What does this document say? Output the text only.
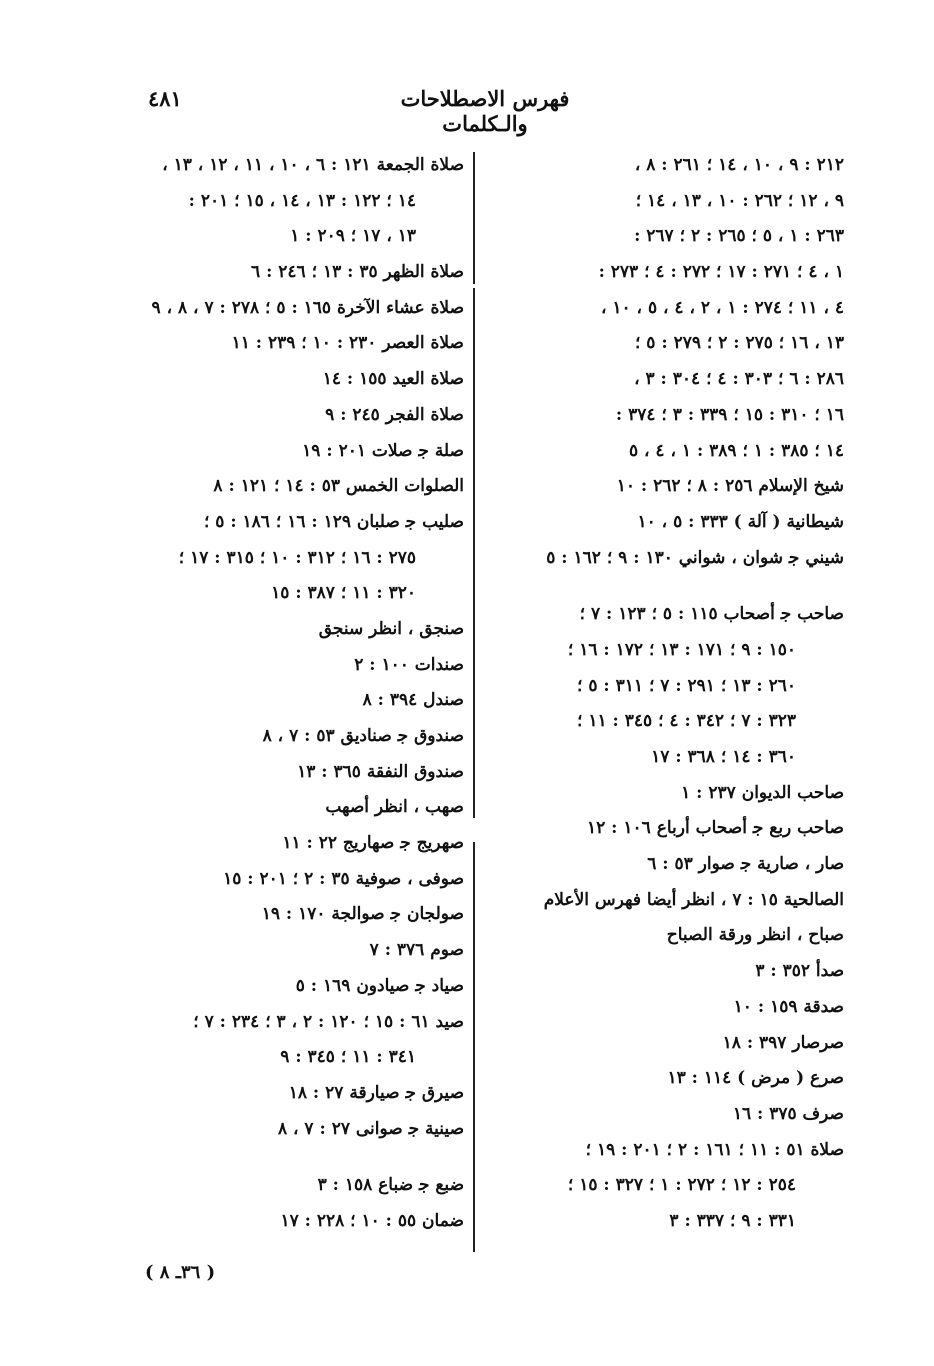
فهرس الاصطلاحات والـكلمات
٤٨١
٢١٢ : ٩ ، ١٠ ، ١٤ ؛ ٢٦١ : ٨ ،
٩ ، ١٢ ؛ ٢٦٢ : ١٠ ، ١٣ ، ١٤ ؛
٢٦٣ : ١ ، ٥ ؛ ٢٦٥ : ٢ ؛ ٢٦٧ :
١ ، ٤ ؛ ٢٧١ : ١٧ ؛ ٢٧٢ : ٤ ؛ ٢٧٣ :
٤ ، ١١ ؛ ٢٧٤ : ١ ، ٢ ، ٤ ، ٥ ، ١٠ ،
١٣ ، ١٦ ؛ ٢٧٥ : ٢ ؛ ٢٧٩ : ٥ ؛
٢٨٦ : ٦ ؛ ٣٠٣ : ٤ ؛ ٣٠٤ : ٣ ،
١٦ ؛ ٣١٠ : ١٥ ؛ ٣٣٩ : ٣ ؛ ٣٧٤ :
١٤ ؛ ٣٨٥ : ١ ؛ ٣٨٩ : ١ ، ٤ ، ٥
شيخ الإسلام ٢٥٦ : ٨ ؛ ٢٦٢ : ١٠
شيطانية ( آلة ) ٣٣٣ : ٥ ، ١٠
شيني ﺟ شوان ، شواني ١٣٠ : ٩ ؛ ١٦٢ : ٥
صاحب ﺟ أصحاب ١١٥ : ٥ ؛ ١٢٣ : ٧ ؛
١٥٠ : ٩ ؛ ١٧١ : ١٣ ؛ ١٧٢ : ١٦ ؛
٢٦٠ : ١٣ ؛ ٢٩١ : ٧ ؛ ٣١١ : ٥ ؛
٣٢٣ : ٧ ؛ ٣٤٢ : ٤ ؛ ٣٤٥ : ١١ ؛
٣٦٠ : ١٤ ؛ ٣٦٨ : ١٧
صاحب الديوان ٢٣٧ : ١
صاحب ربع ﺟ أصحاب أرباع ١٠٦ : ١٢
صار ، صارية ﺟ صوار ٥٣ : ٦
الصالحية ١٥ : ٧ ، انظر أيضا فهرس الأعلام
صباح ، انظر ورقة الصباح
صدأ ٣٥٢ : ٣
صدقة ١٥٩ : ١٠
صرصار ٣٩٧ : ١٨
صرع ( مرض ) ١١٤ : ١٣
صرف ٣٧٥ : ١٦
صلاة ٥١ : ١١ ؛ ١٦١ : ٢ ؛ ٢٠١ : ١٩ ؛
٢٥٤ : ١٢ ؛ ٢٧٢ : ١ ؛ ٣٢٧ : ١٥ ؛
٣٣١ : ٩ ؛ ٣٣٧ : ٣
صلاة الجمعة ١٢١ : ٦ ، ١٠ ، ١١ ، ١٢ ، ١٣ ،
١٤ ؛ ١٢٢ : ١٣ ، ١٤ ، ١٥ ؛ ٢٠١ :
١٣ ، ١٧ ؛ ٢٠٩ : ١
صلاة الظهر ٣٥ : ١٣ ؛ ٢٤٦ : ٦
صلاة عشاء الآخرة ١٦٥ : ٥ ؛ ٢٧٨ : ٧ ، ٨ ، ٩
صلاة العصر ٢٣٠ : ١٠ ؛ ٢٣٩ : ١١
صلاة العيد ١٥٥ : ١٤
صلاة الفجر ٢٤٥ : ٩
صلة ﺟ صلات ٢٠١ : ١٩
الصلوات الخمس ٥٣ : ١٤ ؛ ١٢١ : ٨
صليب ﺟ صلبان ١٢٩ : ١٦ ؛ ١٨٦ : ٥ ؛
٢٧٥ : ١٦ ؛ ٣١٢ : ١٠ ؛ ٣١٥ : ١٧ ؛
٣٢٠ : ١١ ؛ ٣٨٧ : ١٥
صنجق ، انظر سنجق
صندات ١٠٠ : ٢
صندل ٣٩٤ : ٨
صندوق ﺟ صناديق ٥٣ : ٧ ، ٨
صندوق النفقة ٣٦٥ : ١٣
صهب ، انظر أصهب
صهريج ﺟ صهاريج ٢٢ : ١١
صوفى ، صوفية ٣٥ : ٢ ؛ ٢٠١ : ١٥
صولجان ﺟ صوالجة ١٧٠ : ١٩
صوم ٣٧٦ : ٧
صياد ﺟ صيادون ١٦٩ : ٥
صيد ٦١ : ١٥ ؛ ١٢٠ : ٢ ، ٣ ؛ ٢٣٤ : ٧ ؛
٣٤١ : ١١ ؛ ٣٤٥ : ٩
صيرق ﺟ صيارقة ٢٧ : ١٨
صينية ﺟ صوانى ٢٧ : ٧ ، ٨
ضبع ﺟ ضباع ١٥٨ : ٣
ضمان ٥٥ : ١٠ ؛ ٢٢٨ : ١٧
( ٣٦ـ ٨ )
